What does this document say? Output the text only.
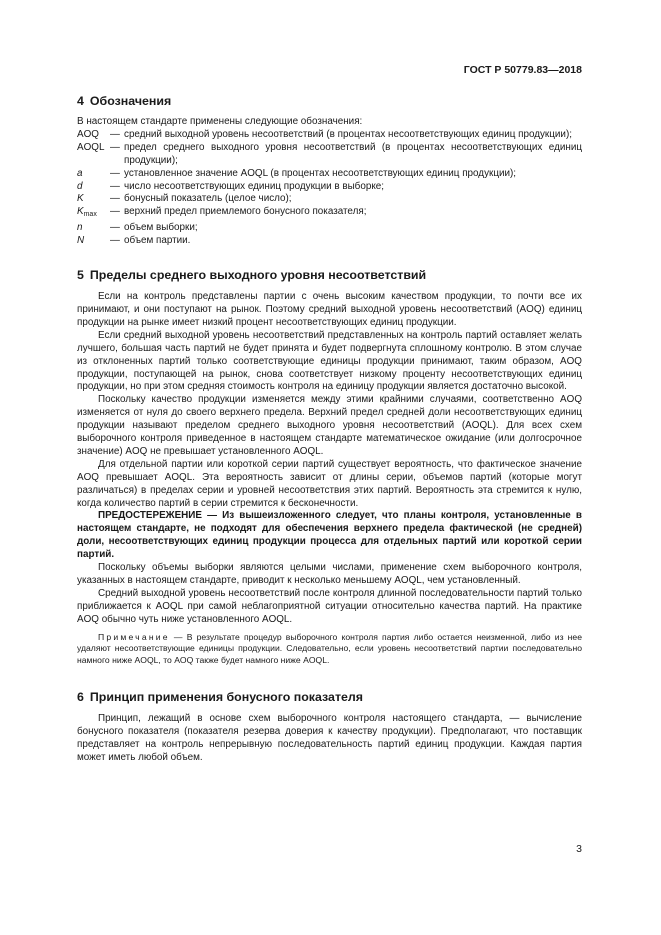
ГОСТ Р 50779.83—2018
4 Обозначения
В настоящем стандарте применены следующие обозначения:
AOQ	— средний выходной уровень несоответствий (в процентах несоответствующих единиц продукции);
AOQL — предел среднего выходного уровня несоответствий (в процентах несоответствующих единиц продукции);
a	— установленное значение AOQL (в процентах несоответствующих единиц продукции);
d	— число несоответствующих единиц продукции в выборке;
K	— бонусный показатель (целое число);
$K_{max}$	— верхний предел приемлемого бонусного показателя;
n	— объем выборки;
N	— объем партии.
5 Пределы среднего выходного уровня несоответствий

Если на контроль представлены партии с очень высоким качеством продукции, то почти все их принимают, и они поступают на рынок. Поэтому средний выходной уровень несоответствий (AOQ) единиц продукции на рынке имеет низкий процент несоответствующих единиц продукции.

Если средний выходной уровень несоответствий представленных на контроль партий оставляет желать лучшего, большая часть партий не будет принята и будет подвергнута сплошному контролю. В этом случае из отклоненных партий только соответствующие единицы продукции принимают, таким образом, AOQ продукции, поступающей на рынок, снова соответствует низкому проценту несоответствующих единиц продукции, но при этом средняя стоимость контроля на единицу продукции является достаточно высокой.

Поскольку качество продукции изменяется между этими крайними случаями, соответственно AOQ изменяется от нуля до своего верхнего предела. Верхний предел средней доли несоответствующих единиц продукции называют пределом среднего выходного уровня несоответствий (AOQL). Для всех схем выборочного контроля приведенное в настоящем стандарте математическое ожидание (или долгосрочное значение) AOQ не превышает установленного AOQL.

Для отдельной партии или короткой серии партий существует вероятность, что фактическое значение AOQ превышает AOQL. Эта вероятность зависит от длины серии, объемов партий (которые могут различаться) в пределах серии и уровней несоответствия этих партий. Вероятность эта стремится к нулю, когда количество партий в серии стремится к бесконечности.

ПРЕДОСТЕРЕЖЕНИЕ — Из вышеизложенного следует, что планы контроля, установленные в настоящем стандарте, не подходят для обеспечения верхнего предела фактической (не средней) доли, несоответствующих единиц продукции процесса для отдельных партий или короткой серии партий.

Поскольку объемы выборки являются целыми числами, применение схем выборочного контроля, указанных в настоящем стандарте, приводит к несколько меньшему AOQL, чем установленный.

Средний выходной уровень несоответствий после контроля длинной последовательности партий только приближается к AOQL при самой неблагоприятной ситуации относительно качества партий. На практике AOQ обычно чуть ниже установленного AOQL.

Примечание — В результате процедур выборочного контроля партия либо остается неизменной, либо из нее удаляют несоответствующие единицы продукции. Следовательно, если уровень несоответствий партии последовательно намного ниже AOQL, то AOQ также будет намного ниже AOQL.

6 Принцип применения бонусного показателя

Принцип, лежащий в основе схем выборочного контроля настоящего стандарта, — вычисление бонусного показателя (показателя резерва доверия к качеству продукции). Предполагают, что поставщик представляет на контроль непрерывную последовательность партий единиц продукции. Каждая партия может иметь любой объем.

3
